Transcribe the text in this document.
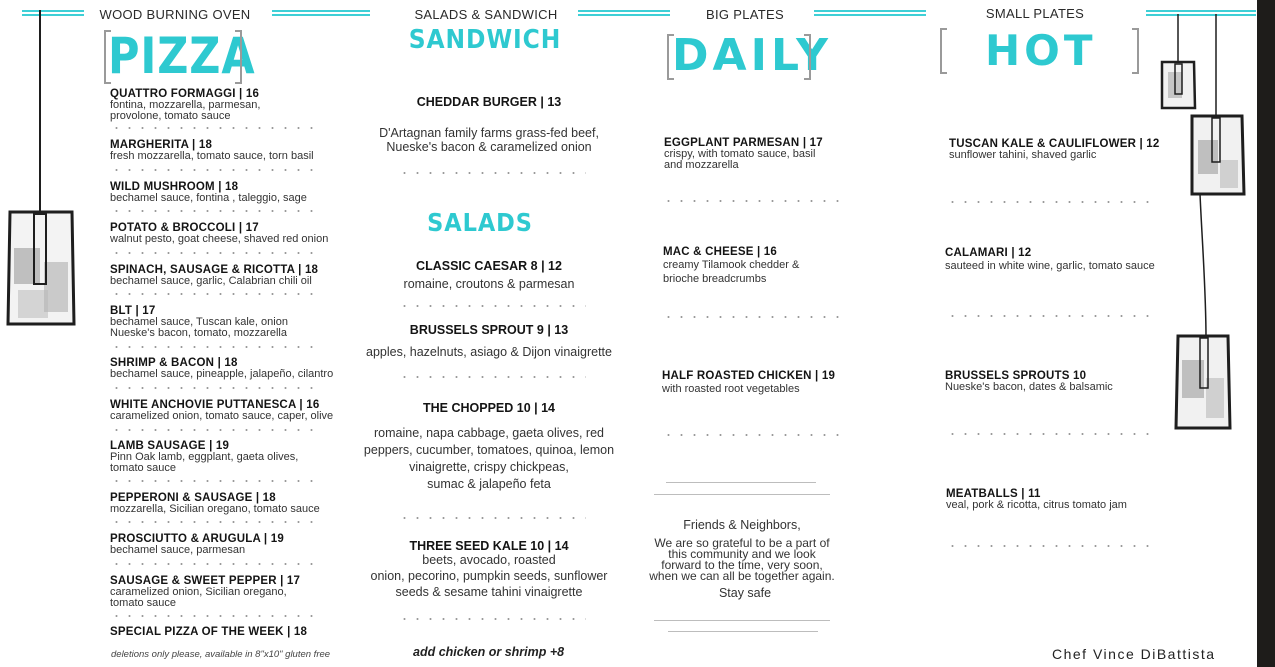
WOOD BURNING OVEN	SALADS & SANDWICH	BIG PLATES	SMALL PLATES
PIZZA	SANDWICH	DAILY	HOT
QUATTRO FORMAGGI | 16
fontina, mozzarella, parmesan,
provolone, tomato sauce
MARGHERITA | 18
fresh mozzarella, tomato sauce, torn basil
WILD MUSHROOM | 18
bechamel sauce, fontina , taleggio, sage
POTATO & BROCCOLI | 17
walnut pesto, goat cheese, shaved red onion
SPINACH, SAUSAGE & RICOTTA | 18
bechamel sauce, garlic, Calabrian chili oil
BLT | 17
bechamel sauce, Tuscan kale, onion
Nueske's bacon, tomato, mozzarella
SHRIMP & BACON | 18
bechamel sauce, pineapple, jalapeño, cilantro
WHITE ANCHOVIE PUTTANESCA | 16
caramelized onion, tomato sauce, caper, olive
LAMB SAUSAGE | 19
Pinn Oak lamb, eggplant, gaeta olives,
tomato sauce
PEPPERONI & SAUSAGE | 18
mozzarella, Sicilian oregano, tomato sauce
PROSCIUTTO & ARUGULA | 19
bechamel sauce, parmesan
SAUSAGE & SWEET PEPPER | 17
caramelized onion, Sicilian oregano,
tomato sauce
SPECIAL PIZZA OF THE WEEK | 18
deletions only please, available in 8"x10" gluten free
CHEDDAR BURGER | 13
D'Artagnan family farms grass-fed beef,
Nueske's bacon & caramelized onion
SALADS
CLASSIC CAESAR 8 | 12
romaine, croutons & parmesan
BRUSSELS SPROUT 9 | 13
apples, hazelnuts, asiago & Dijon vinaigrette
THE CHOPPED 10 | 14
romaine, napa cabbage, gaeta olives, red
peppers, cucumber, tomatoes, quinoa, lemon
vinaigrette, crispy chickpeas,
sumac & jalapeño feta
THREE SEED KALE 10 | 14
beets, avocado, roasted
onion, pecorino, pumpkin seeds, sunflower
seeds & sesame tahini vinaigrette
add chicken or shrimp +8
EGGPLANT PARMESAN | 17
crispy, with tomato sauce, basil
and mozzarella
MAC & CHEESE | 16
creamy Tilamook chedder &
brioche breadcrumbs
HALF ROASTED CHICKEN | 19
with roasted root vegetables
Friends & Neighbors,
We are so grateful to be a part of
this community and we look
forward to the time, very soon,
when we can all be together again.
Stay safe
TUSCAN KALE & CAULIFLOWER | 12
sunflower tahini, shaved garlic
CALAMARI | 12
sauteed in white wine, garlic, tomato sauce
BRUSSELS SPROUTS 10
Nueske's bacon, dates & balsamic
MEATBALLS | 11
veal, pork & ricotta, citrus tomato jam
Chef Vince DiBattista
